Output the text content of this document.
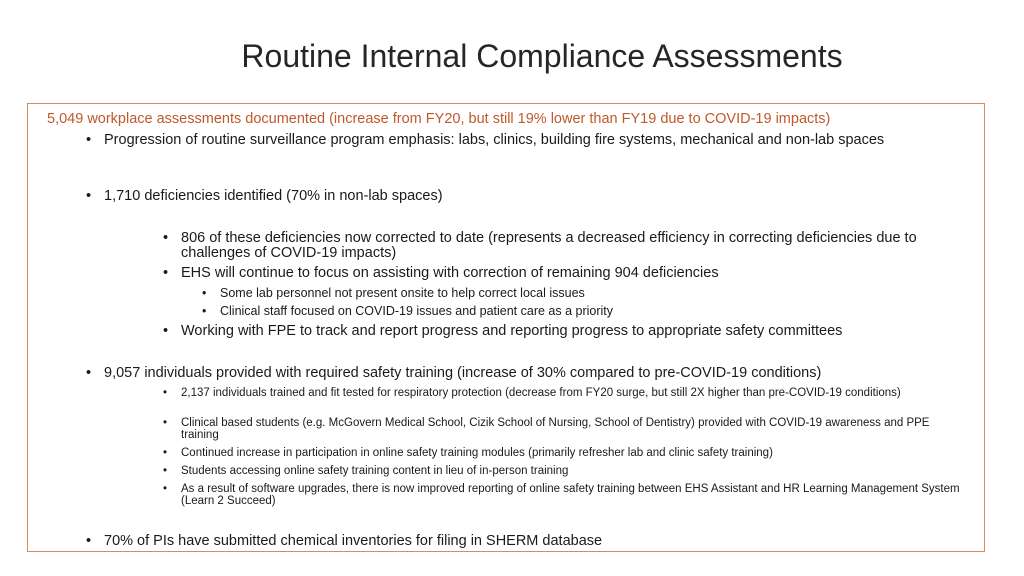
Routine Internal Compliance Assessments
5,049 workplace assessments documented (increase from FY20, but still 19% lower than FY19 due to COVID-19 impacts)
• Progression of routine surveillance program emphasis: labs, clinics, building fire systems, mechanical and non-lab spaces
• 1,710 deficiencies identified (70% in non-lab spaces)
• 806 of these deficiencies now corrected to date (represents a decreased efficiency in correcting deficiencies due to challenges of COVID-19 impacts)
• EHS will continue to focus on assisting with correction of remaining 904 deficiencies
• Some lab personnel not present onsite to help correct local issues
• Clinical staff focused on COVID-19 issues and patient care as a priority
• Working with FPE to track and report progress and reporting progress to appropriate safety committees
• 9,057 individuals provided with required safety training (increase of 30% compared to pre-COVID-19 conditions)
• 2,137 individuals trained and fit tested for respiratory protection (decrease from FY20 surge, but still 2X higher than pre-COVID-19 conditions)
• Clinical based students (e.g. McGovern Medical School, Cizik School of Nursing, School of Dentistry) provided with COVID-19 awareness and PPE training
• Continued increase in participation in online safety training modules (primarily refresher lab and clinic safety training)
• Students accessing online safety training content in lieu of in-person training
• As a result of software upgrades, there is now improved reporting of online safety training between EHS Assistant and HR Learning Management System (Learn 2 Succeed)
• 70% of PIs have submitted chemical inventories for filing in SHERM database
